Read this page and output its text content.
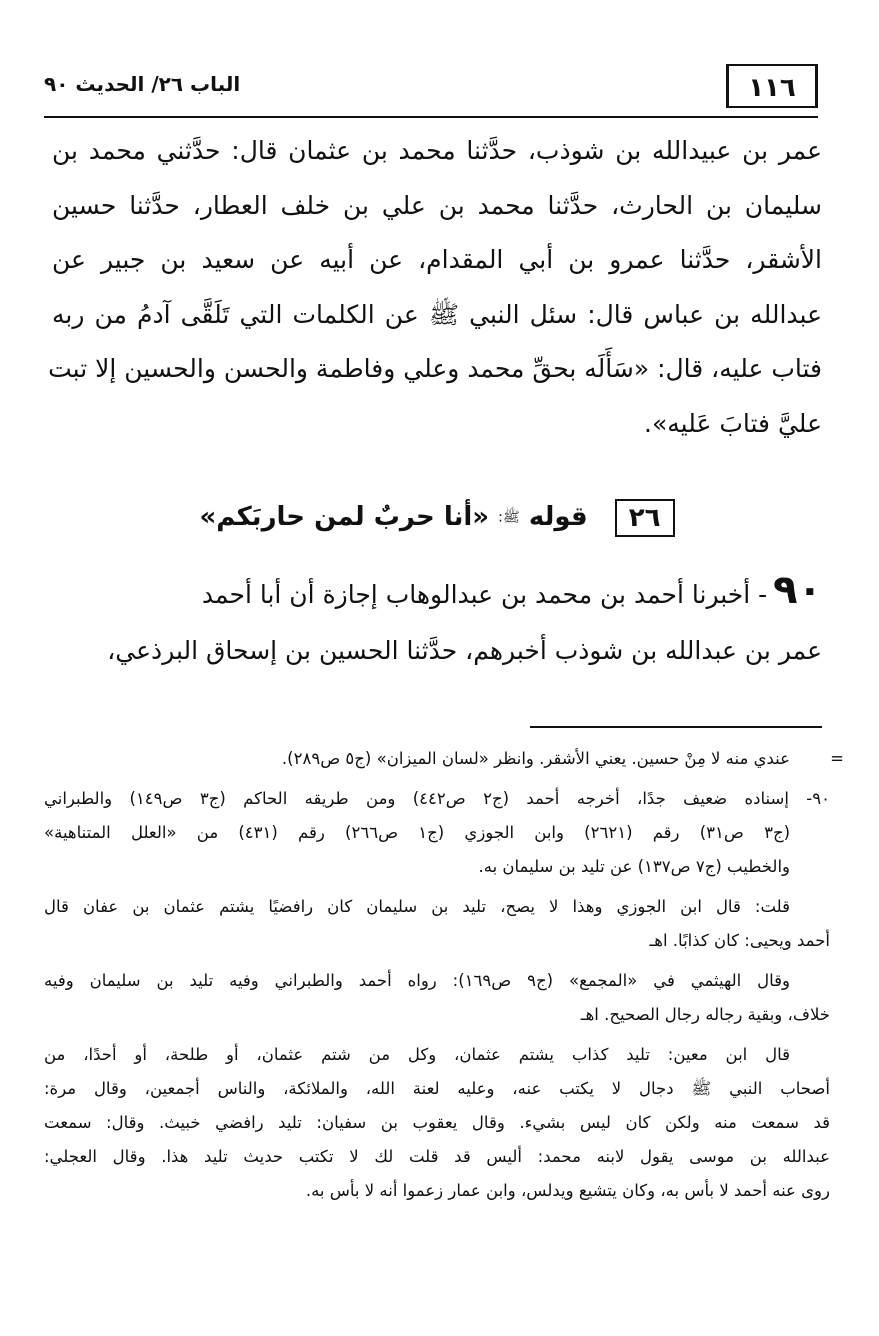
١١٦
الباب ٢٦/ الحديث ٩٠
عمر بن عبيدالله بن شوذب، حدَّثنا محمد بن عثمان قال: حدَّثني محمد بن
سليمان بن الحارث، حدَّثنا محمد بن علي بن خلف العطار، حدَّثنا حسين
الأشقر، حدَّثنا عمرو بن أبي المقدام، عن أبيه عن سعيد بن جبير عن
عبدالله بن عباس قال: سئل النبي ﷺ عن الكلمات التي تَلَقَّى آدمُ من ربه
فتاب عليه، قال: «سَأَلَه بحقِّ محمد وعلي وفاطمة والحسن والحسين إلا تبت
عليَّ فتابَ عَليه».
٢٦ قوله ﷺ: «أنا حربٌ لمن حاربَكم»
٩٠- أخبرنا أحمد بن محمد بن عبدالوهاب إجازة أن أبا أحمد
عمر بن عبدالله بن شوذب أخبرهم، حدَّثنا الحسين بن إسحاق البرذعي،
=
عندي منه لا مِنْ حسين. يعني الأشقر. وانظر «لسان الميزان» (ج٥ ص٢٨٩).
٩٠- إسناده ضعيف جدًا، أخرجه أحمد (ج٢ ص٤٤٢) ومن طريقه الحاكم (ج٣ ص١٤٩) والطبراني
(ج٣ ص٣١) رقم (٢٦٢١) وابن الجوزي (ج١ ص٢٦٦) رقم (٤٣١) من «العلل المتناهية»
والخطيب (ج٧ ص١٣٧) عن تليد بن سليمان به.
قلت: قال ابن الجوزي وهذا لا يصح، تليد بن سليمان كان رافضيًا يشتم عثمان بن عفان قال
أحمد ويحيى: كان كذابًا. اهـ
وقال الهيثمي في «المجمع» (ج٩ ص١٦٩): رواه أحمد والطبراني وفيه تليد بن سليمان وفيه
خلاف، وبقية رجاله رجال الصحيح. اهـ
قال ابن معين: تليد كذاب يشتم عثمان، وكل من شتم عثمان، أو طلحة، أو أحدًا، من
أصحاب النبي ﷺ دجال لا يكتب عنه، وعليه لعنة الله، والملائكة، والناس أجمعين، وقال مرة:
قد سمعت منه ولكن كان ليس بشيء. وقال يعقوب بن سفيان: تليد رافضي خبيث. وقال: سمعت
عبدالله بن موسى يقول لابنه محمد: أليس قد قلت لك لا تكتب حديث تليد هذا. وقال العجلي:
روى عنه أحمد لا بأس به، وكان يتشيع ويدلس، وابن عمار زعموا أنه لا بأس به.
